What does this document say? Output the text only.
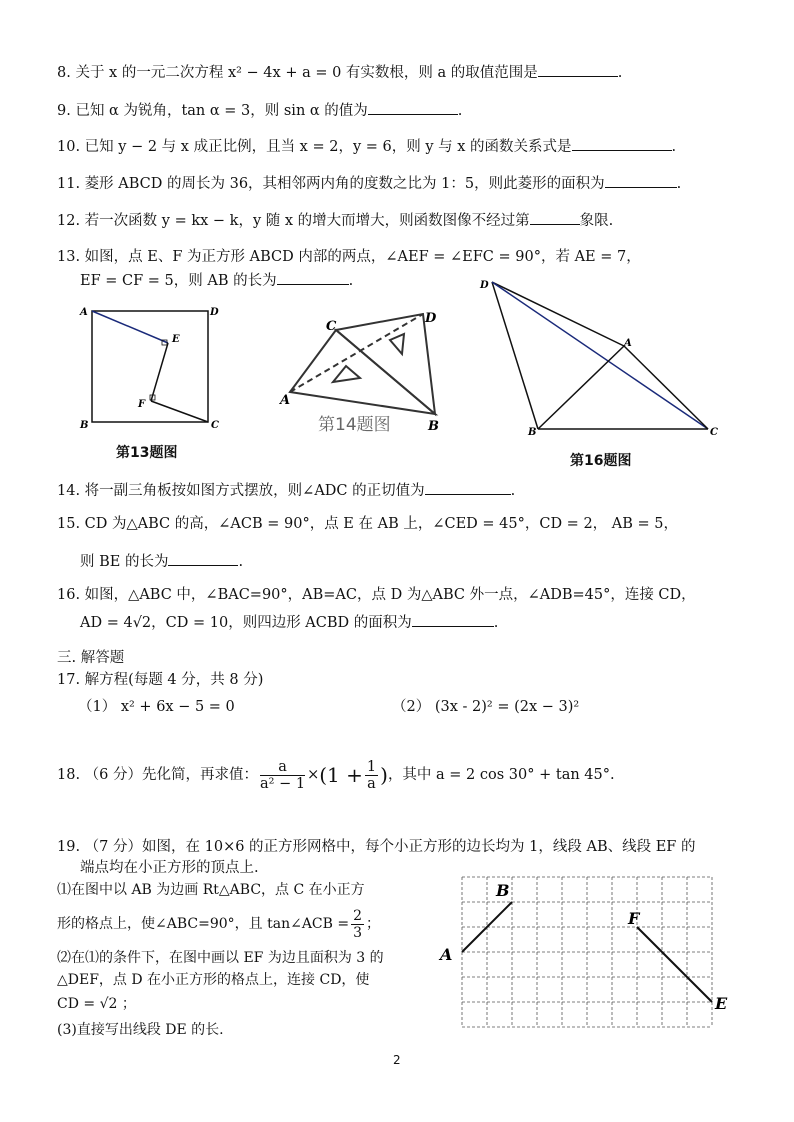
8. 关于 x 的一元二次方程 x² − 4x + a = 0 有实数根，则 a 的取值范围是	.
9. 已知 α 为锐角，tan α = 3，则 sin α 的值为	.
10. 已知 y − 2 与 x 成正比例，且当 x = 2，y = 6，则 y 与 x 的函数关系式是	.
11. 菱形 ABCD 的周长为 36，其相邻两内角的度数之比为 1：5，则此菱形的面积为	.
12. 若一次函数 y = kx − k，y 随 x 的增大而增大，则函数图像不经过第	象限.
13. 如图，点 E、F 为正方形 ABCD 内部的两点，∠AEF = ∠EFC = 90°，若 AE = 7，
EF = CF = 5，则 AB 的长为	.
A	D
B	C
E
F
第13题图
A
C
D
B
第14题图
D
A
B	C
第16题图
14. 将一副三角板按如图方式摆放，则∠ADC 的正切值为	.
15. CD 为△ABC 的高，∠ACB = 90°，点 E 在 AB 上，∠CED = 45°，CD = 2， AB = 5，
则 BE 的长为	.
16. 如图，△ABC 中，∠BAC=90°，AB=AC，点 D 为△ABC 外一点，∠ADB=45°，连接 CD，
AD = 4√2，CD = 10，则四边形 ACBD 的面积为	.
三. 解答题
17. 解方程(每题 4 分，共 8 分)
（1） x² + 6x − 5 = 0	（2） (3x - 2)² = (2x − 3)²
18. （6 分）先化简，再求值： $\frac{a}{\text{a² − 1}} \times (1 + \frac{1}{a}$ ) ，其中 a = 2 cos 30° + tan 45°.
19. （7 分）如图，在 10×6 的正方形网格中，每个小正方形的边长均为 1，线段 AB、线段 EF 的
端点均在小正方形的顶点上.
⑴在图中以 AB 为边画 Rt△ABC，点 C 在小正方
形的格点上，使∠ABC=90°，且 tan∠ACB = $\frac{2}{3}$ ；
⑵在⑴的条件下，在图中画以 EF 为边且面积为 3 的
△DEF，点 D 在小正方形的格点上，连接 CD，使
CD = √2 ；
(3)直接写出线段 DE 的长.
A
B
F
E
2
